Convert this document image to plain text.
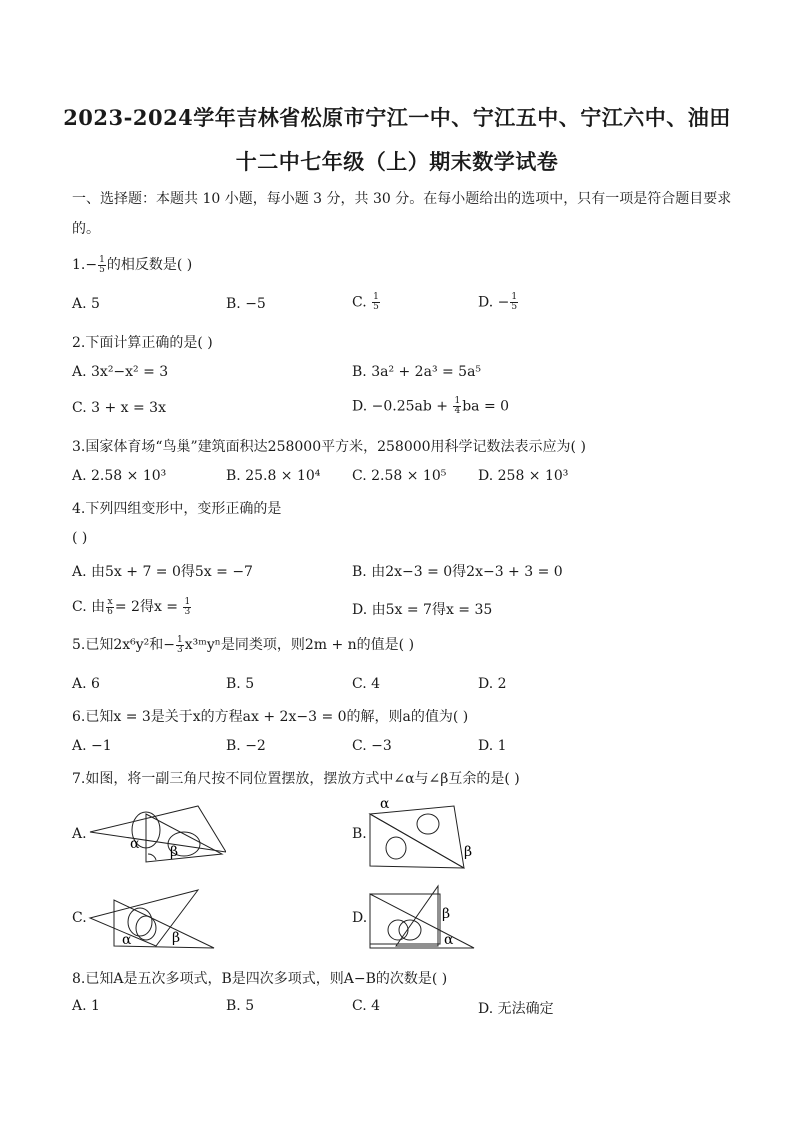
2023-2024学年吉林省松原市宁江一中、宁江五中、宁江六中、油田
十二中七年级（上）期末数学试卷
一、选择题：本题共 10 小题，每小题 3 分，共 30 分。在每小题给出的选项中，只有一项是符合题目要求
的。
$1.- \frac{1}{5}$ 的相反数是( )
A. 5	B. −5	C. $\frac{1}{5}$	D. − $\frac{1}{5}$
2.下面计算正确的是( )
A. 3x²−x² = 3	B. 3a² + 2a³ = 5a⁵
C. 3 + x = 3x	D. $-0.25ab + \frac{1}{4}$ ba = 0
3.国家体育场“鸟巢”建筑面积达258000平方米，258000用科学记数法表示应为( )
A. 2.58 × 10³	B. 25.8 × 10⁴ C. 2.58 × 10⁵ D. 258 × 10³
4.下列四组变形中，变形正确的是
( )
A. 由5x + 7 = 0得5x = −7	B. 由2x−3 = 0得2x−3 + 3 = 0
C. 由 $\frac{x}{6} = 2$得$x = \frac{1}{3}$	D. 由5x = 7得x = 35
5.已知2x⁶y²和− $\frac{1}{3}$ x³ᵐyⁿ是同类项，则2m + n的值是( )
A. 6	B. 5	C. 4	D. 2
6.已知x = 3是关于x的方程ax + 2x−3 = 0的解，则a的值为( )
A. −1	B. −2	C. −3	D. 1
7.如图，将一副三角尺按不同位置摆放，摆放方式中∠α与∠β互余的是( )
A.
α β
B.
α
β
C.
α	β
D.	β
α
8.已知A是五次多项式，B是四次多项式，则A−B的次数是( )
A. 1	B. 5	C. 4	D. 无法确定
